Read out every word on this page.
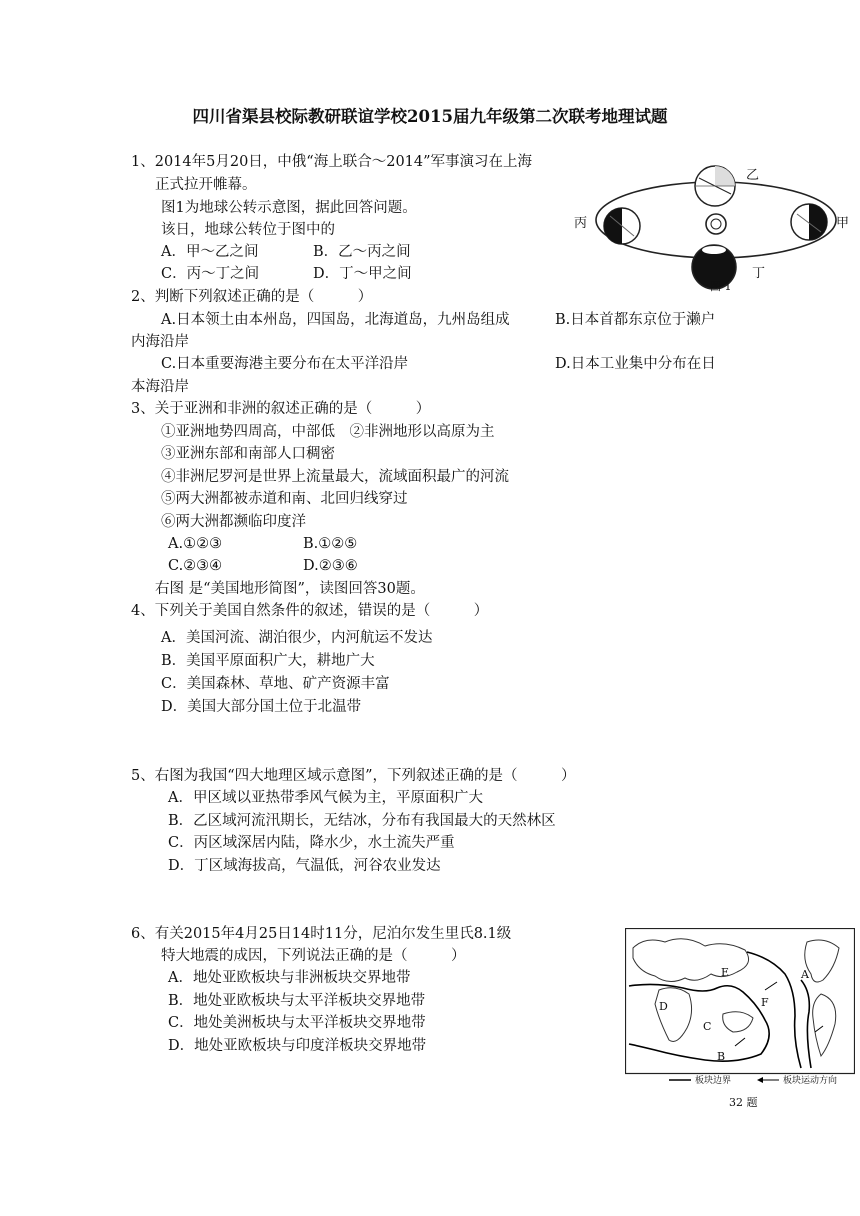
四川省渠县校际教研联谊学校2015届九年级第二次联考地理试题
1、2014年5月20日，中俄“海上联合～2014”军事演习在上海
正式拉开帷幕。
图1为地球公转示意图，据此回答问题。
该日，地球公转位于图中的
A．甲～乙之间	B．乙～丙之间
C．丙～丁之间	D．丁～甲之间
乙
丙	甲
丁
图 1
2、判断下列叙述正确的是（　　　）
A.日本领土由本州岛，四国岛，北海道岛，九州岛组成	B.日本首都东京位于濑户
内海沿岸
C.日本重要海港主要分布在太平洋沿岸	D.日本工业集中分布在日
本海沿岸
3、关于亚洲和非洲的叙述正确的是（　　　）
①亚洲地势四周高，中部低　②非洲地形以高原为主
③亚洲东部和南部人口稠密
④非洲尼罗河是世界上流量最大，流域面积最广的河流
⑤两大洲都被赤道和南、北回归线穿过
⑥两大洲都濒临印度洋
A.①②③	B.①②⑤
C.②③④	D.②③⑥
右图 是“美国地形简图”，读图回答30题。
4、下列关于美国自然条件的叙述，错误的是（　　　）
A．美国河流、湖泊很少，内河航运不发达
B．美国平原面积广大，耕地广大
C．美国森林、草地、矿产资源丰富
D．美国大部分国土位于北温带
5、右图为我国“四大地理区域示意图”，下列叙述正确的是（　　　）
A．甲区域以亚热带季风气候为主，平原面积广大
B．乙区域河流汛期长，无结冰，分布有我国最大的天然林区
C．丙区域深居内陆，降水少，水土流失严重
D．丁区域海拔高，气温低，河谷农业发达
6、有关2015年4月25日14时11分，尼泊尔发生里氏8.1级
特大地震的成因，下列说法正确的是（　　　）
A．地处亚欧板块与非洲板块交界地带
B．地处亚欧板块与太平洋板块交界地带
C．地处美洲板块与太平洋板块交界地带
D．地处亚欧板块与印度洋板块交界地带
E	A
D	F
C
B
板块边界	板块运动方向
32 题
